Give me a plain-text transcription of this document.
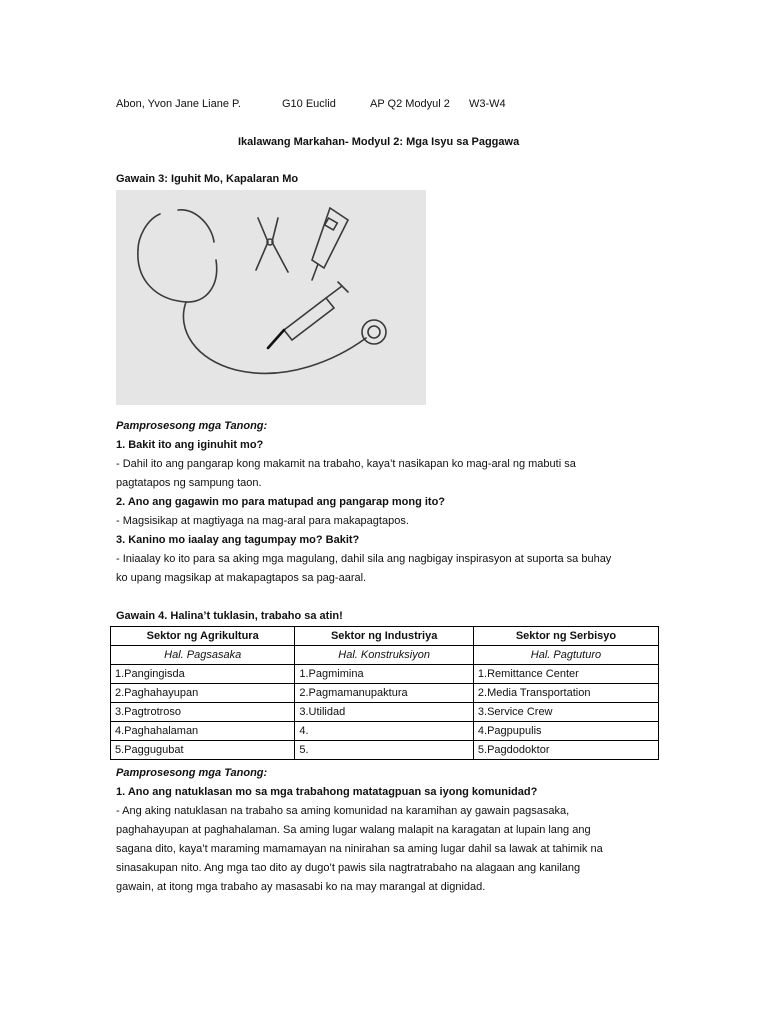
Abon, Yvon Jane Liane P.	G10 Euclid	AP Q2 Modyul 2 W3-W4
Ikalawang Markahan- Modyul 2: Mga Isyu sa Paggawa
Gawain 3: Iguhit Mo, Kapalaran Mo

Pamprosesong mga Tanong:

1. Bakit ito ang iginuhit mo?

- Dahil ito ang pangarap kong makamit na trabaho, kaya’t nasikapan ko mag-aral ng mabuti sa

pagtatapos ng sampung taon.

2. Ano ang gagawin mo para matupad ang pangarap mong ito?

- Magsisikap at magtiyaga na mag-aral para makapagtapos.

3. Kanino mo iaalay ang tagumpay mo? Bakit?

- Iniaalay ko ito para sa aking mga magulang, dahil sila ang nagbigay inspirasyon at suporta sa buhay

ko upang magsikap at makapagtapos sa pag-aaral.

Gawain 4. Halina’t tuklasin, trabaho sa atin!
Sektor ng Agrikultura	Sektor ng Industriya	Sektor ng Serbisyo
Hal. Pagsasaka	Hal. Konstruksiyon	Hal. Pagtuturo
1.Pangingisda	1.Pagmimina	1.Remittance Center
2.Paghahayupan	2.Pagmamanupaktura	2.Media Transportation
3.Pagtrotroso	3.Utilidad	3.Service Crew
4.Paghahalaman	4.	4.Pagpupulis
5.Paggugubat	5.	5.Pagdodoktor

Pamprosesong mga Tanong:

1. Ano ang natuklasan mo sa mga trabahong matatagpuan sa iyong komunidad?

- Ang aking natuklasan na trabaho sa aming komunidad na karamihan ay gawain pagsasaka,

paghahayupan at paghahalaman. Sa aming lugar walang malapit na karagatan at lupain lang ang

sagana dito, kaya’t maraming mamamayan na ninirahan sa aming lugar dahil sa lawak at tahimik na

sinasakupan nito. Ang mga tao dito ay dugo’t pawis sila nagtratrabaho na alagaan ang kanilang

gawain, at itong mga trabaho ay masasabi ko na may marangal at dignidad.
